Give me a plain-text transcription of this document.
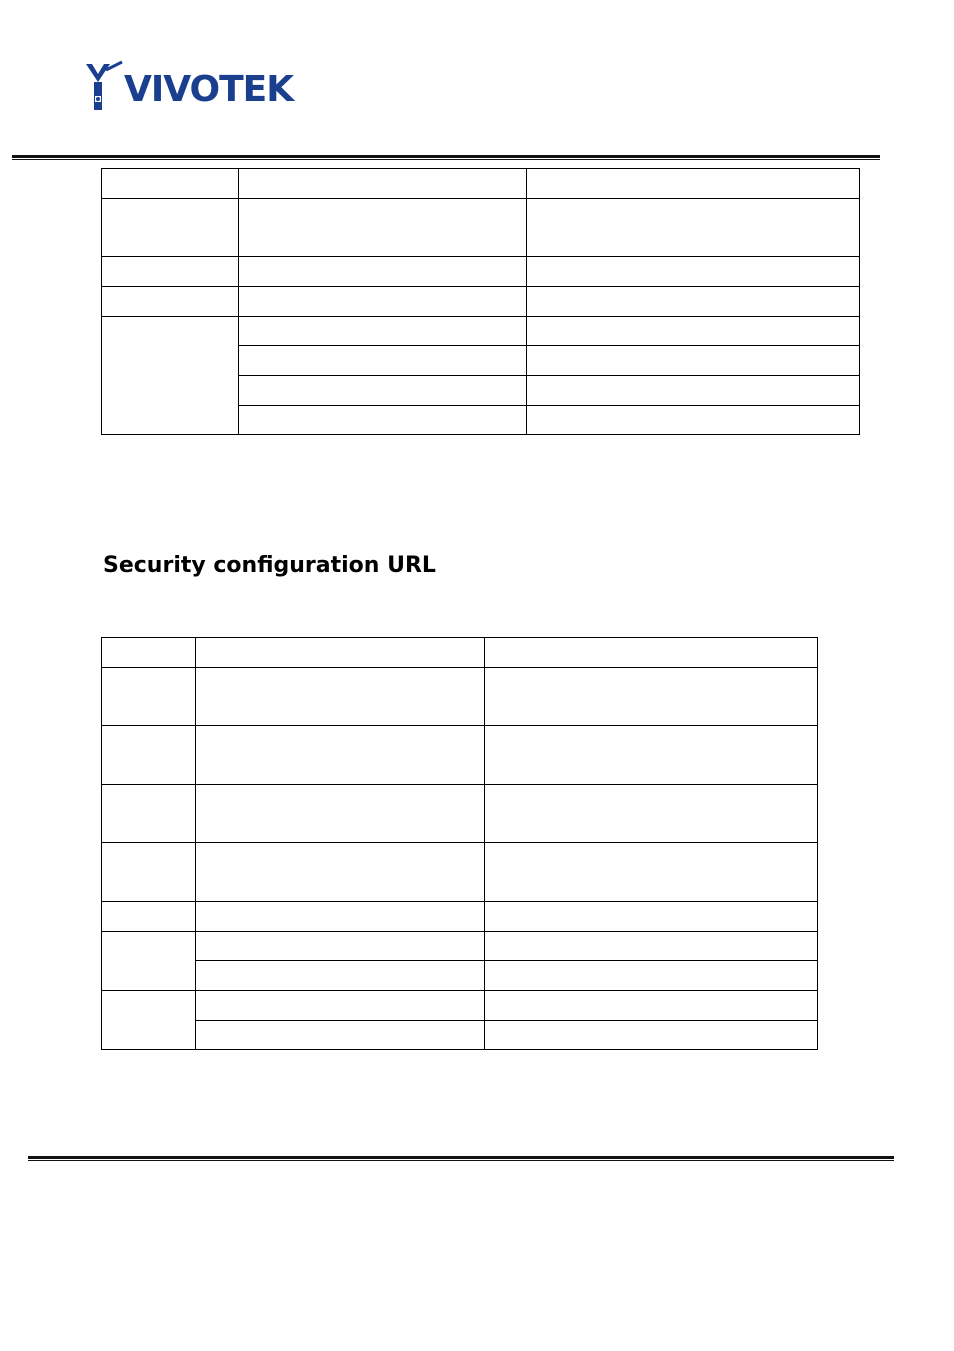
VIVOTEK

Security configuration URL
